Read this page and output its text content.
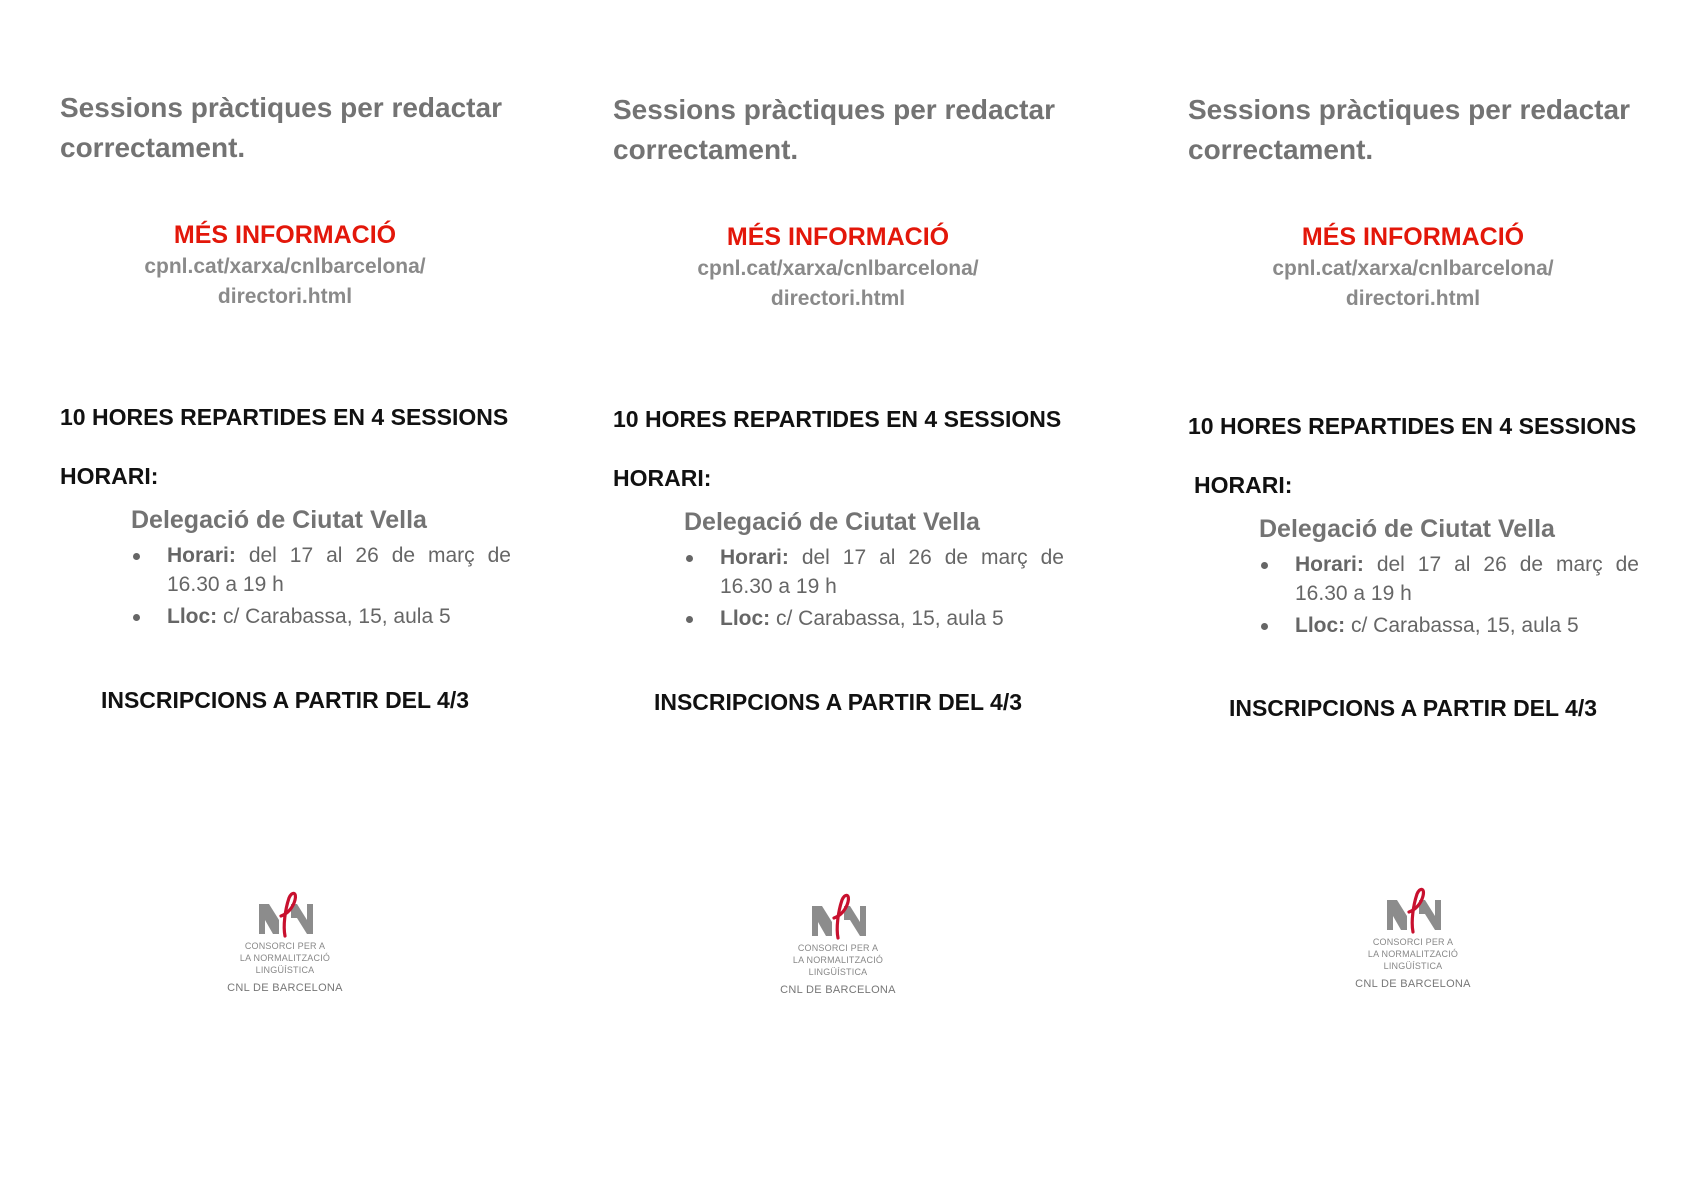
Sessions pràctiques per redactar correctament.
MÉS INFORMACIÓ
cpnl.cat/xarxa/cnlbarcelona/
directori.html
10 HORES REPARTIDES EN 4 SESSIONS
HORARI:
Delegació de Ciutat Vella
Horari: del 17 al 26 de març de
16.30 a 19 h
Lloc: c/ Carabassa, 15, aula 5
INSCRIPCIONS A PARTIR DEL 4/3
CONSORCI PER A
LA NORMALITZACIÓ
LINGÜÍSTICA
CNL DE BARCELONA
Sessions pràctiques per redactar correctament.
MÉS INFORMACIÓ
cpnl.cat/xarxa/cnlbarcelona/
directori.html
10 HORES REPARTIDES EN 4 SESSIONS
HORARI:
Delegació de Ciutat Vella
Horari: del 17 al 26 de març de
16.30 a 19 h
Lloc: c/ Carabassa, 15, aula 5
INSCRIPCIONS A PARTIR DEL 4/3
CONSORCI PER A
LA NORMALITZACIÓ
LINGÜÍSTICA
CNL DE BARCELONA
Sessions pràctiques per redactar correctament.
MÉS INFORMACIÓ
cpnl.cat/xarxa/cnlbarcelona/
directori.html
10 HORES REPARTIDES EN 4 SESSIONS
HORARI:
Delegació de Ciutat Vella
Horari: del 17 al 26 de març de
16.30 a 19 h
Lloc: c/ Carabassa, 15, aula 5
INSCRIPCIONS A PARTIR DEL 4/3
CONSORCI PER A
LA NORMALITZACIÓ
LINGÜÍSTICA
CNL DE BARCELONA
